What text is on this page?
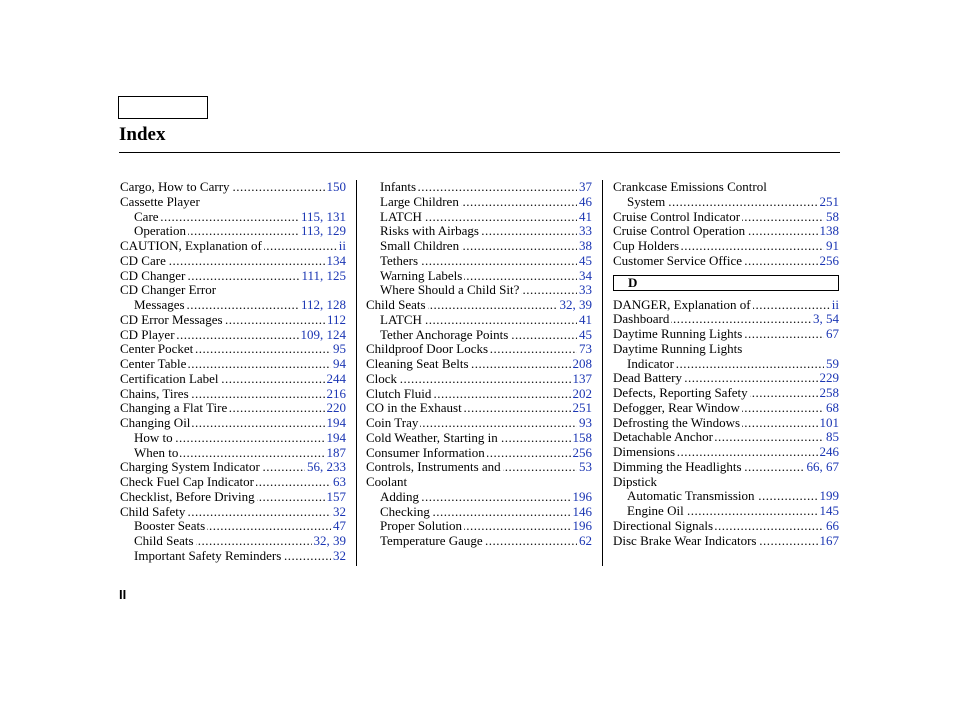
Index
Cargo, How to Carry	150
.....
Cassette Player
Care	115, 131
.....
Operation	113, 129
.....
CAUTION, Explanation of	ii
.....
CD Care	134
.....
CD Changer	111, 125
.....
CD Changer Error
Messages	112, 128
.....
CD Error Messages	112
.....
CD Player	109, 124
.....
Center Pocket	95
.....
Center Table	94
.....
Certification Label	244
.....
Chains, Tires	216
.....
Changing a Flat Tire	220
.....
Changing Oil	194
.....
How to	194
.....
When to	187
.....
Charging System Indicator	56, 233
.....
Check Fuel Cap Indicator	63
.....
Checklist, Before Driving	157
.....
Child Safety	32
.....
Booster Seats	47
.....
Child Seats	32, 39
.....
Important Safety Reminders	32
.....
Infants	37
.....
Large Children	46
.....
LATCH	41
.....
Risks with Airbags	33
.....
Small Children	38
.....
Tethers	45
.....
Warning Labels	34
.....
Where Should a Child Sit?	33
.....
Child Seats	32, 39
.....
LATCH	41
.....
Tether Anchorage Points	45
.....
Childproof Door Locks	73
.....
Cleaning Seat Belts	208
.....
Clock	137
.....
Clutch Fluid	202
.....
CO in the Exhaust	251
.....
Coin Tray	93
.....
Cold Weather, Starting in	158
.....
Consumer Information	256
.....
Controls, Instruments and	53
.....
Coolant
Adding	196
.....
Checking	146
.....
Proper Solution	196
.....
Temperature Gauge	62
.....
Crankcase Emissions Control
System	251
.....
Cruise Control Indicator	58
.....
Cruise Control Operation	138
.....
Cup Holders	91
.....
Customer Service Office	256
.....
D
DANGER, Explanation of	ii
.....
Dashboard	3, 54
.....
Daytime Running Lights	67
.....
Daytime Running Lights
Indicator	59
.....
Dead Battery	229
.....
Defects, Reporting Safety	258
.....
Defogger, Rear Window	68
.....
Defrosting the Windows	101
.....
Detachable Anchor	85
.....
Dimensions	246
.....
Dimming the Headlights	66, 67
.....
Dipstick
Automatic Transmission	199
.....
Engine Oil	145
.....
Directional Signals	66
.....
Disc Brake Wear Indicators	167
.....
II
